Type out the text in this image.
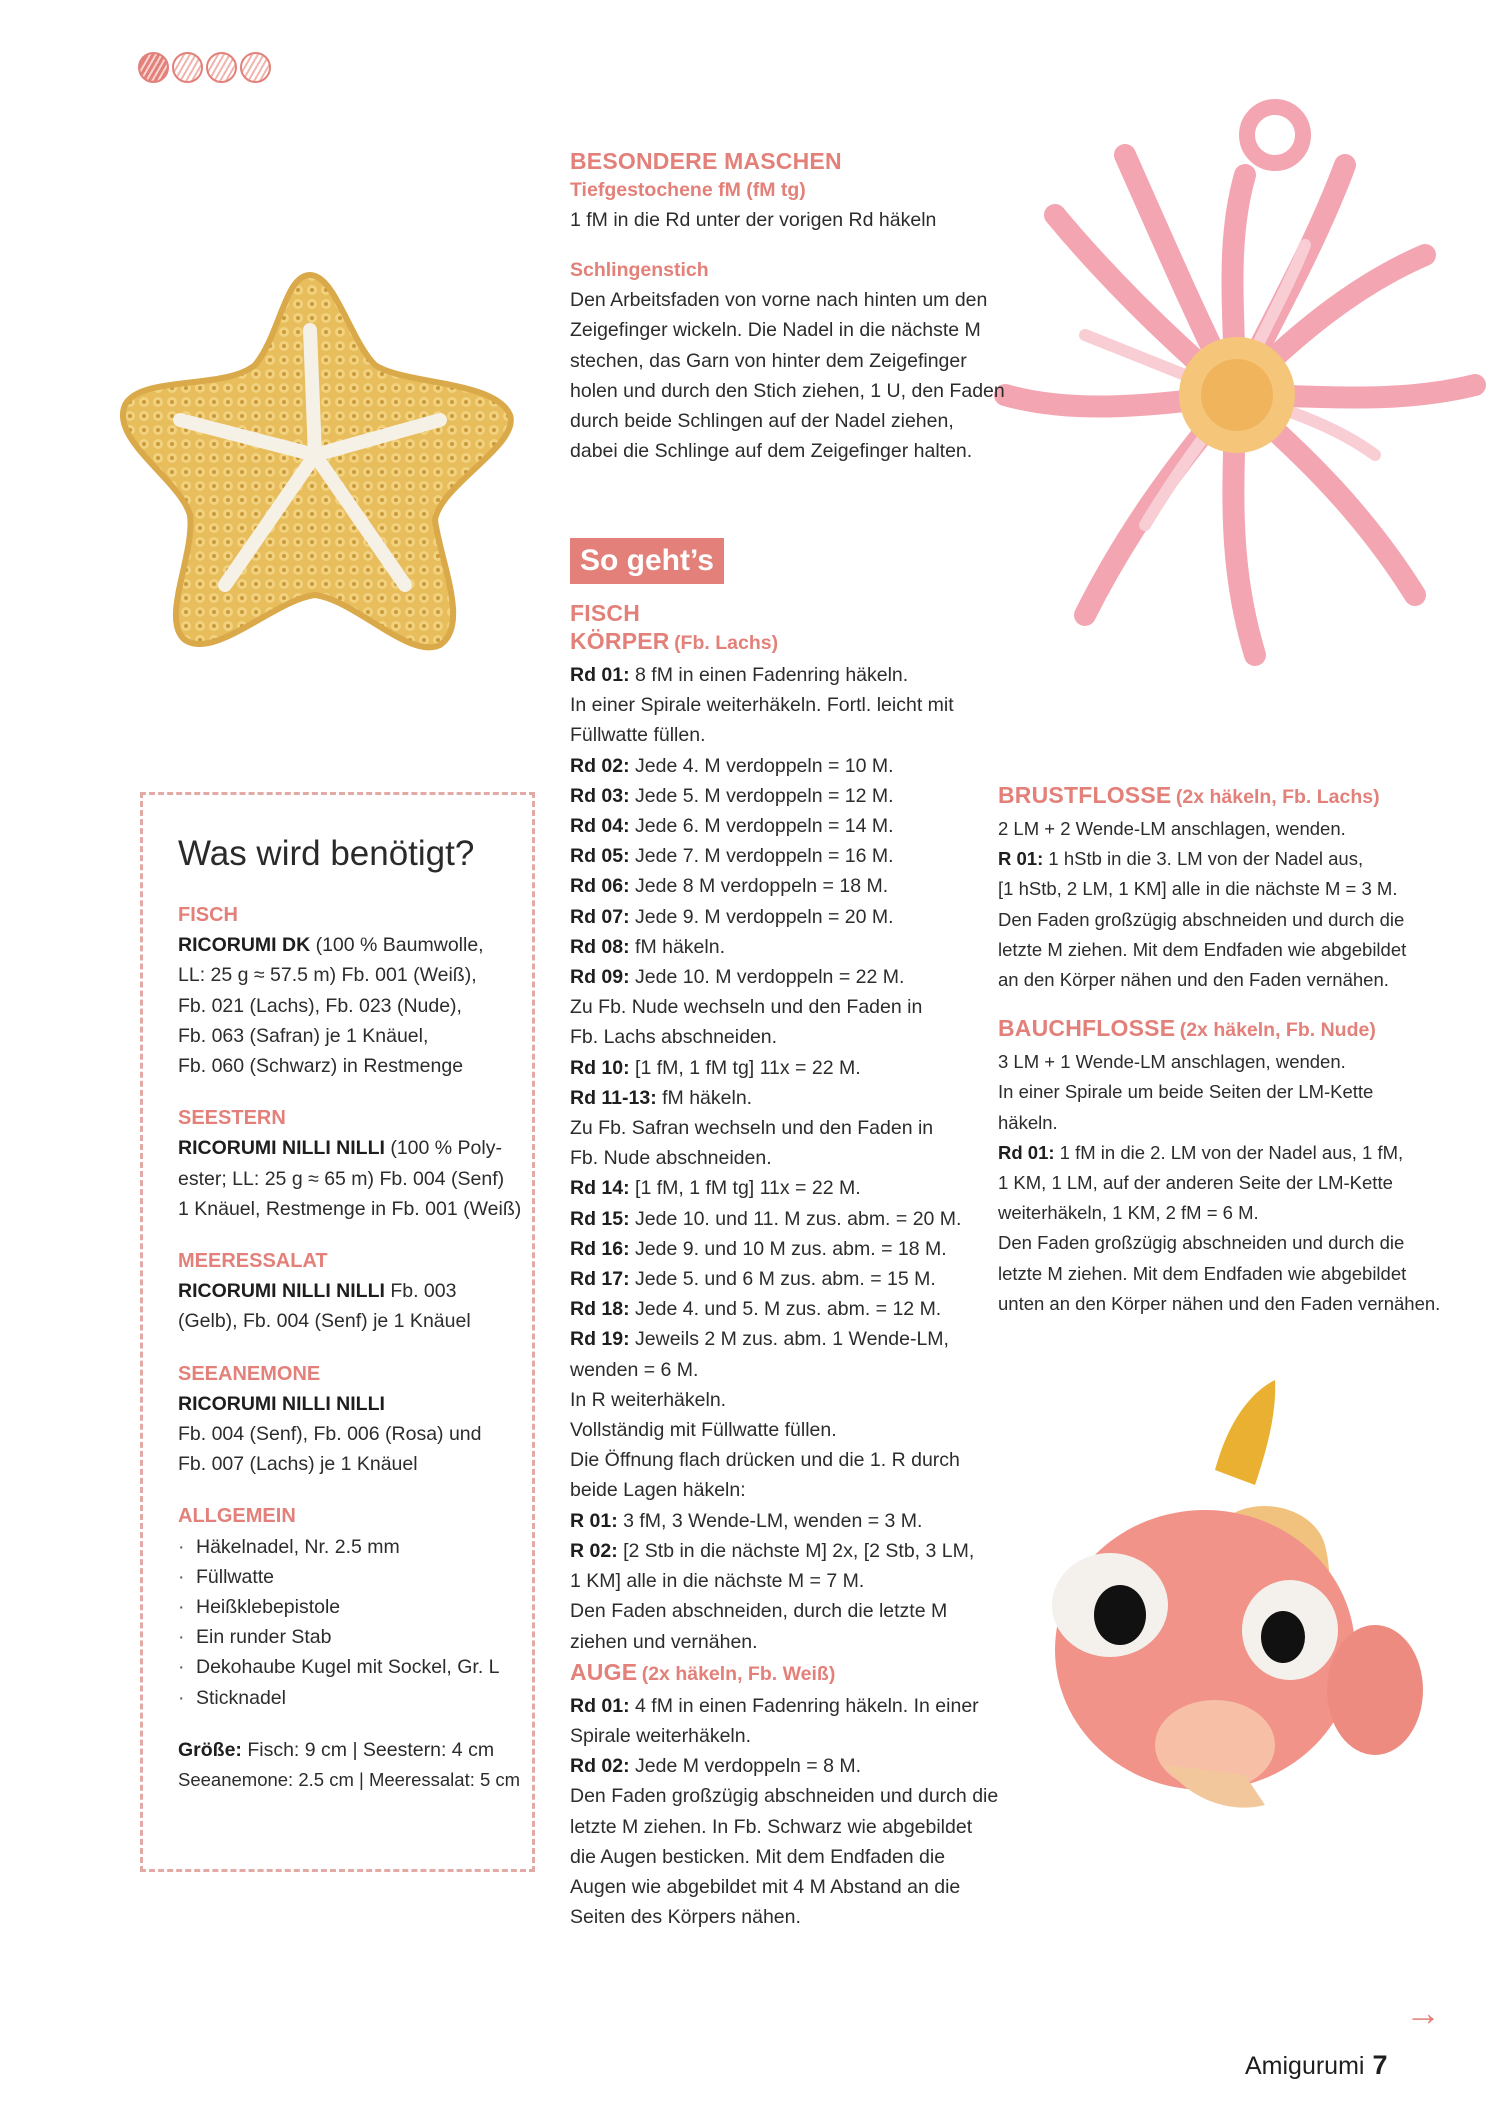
BESONDERE MASCHEN
Tiefgestochene fM (fM tg)
1 fM in die Rd unter der vorigen Rd häkeln
Schlingenstich
Den Arbeitsfaden von vorne nach hinten um den
Zeigefinger wickeln. Die Nadel in die nächste M
stechen, das Garn von hinter dem Zeigefinger
holen und durch den Stich ziehen, 1 U, den Faden
durch beide Schlingen auf der Nadel ziehen,
dabei die Schlinge auf dem Zeigefinger halten.
So geht’s
FISCH
KÖRPER (Fb. Lachs)
Rd 01: 8 fM in einen Fadenring häkeln.
In einer Spirale weiterhäkeln. Fortl. leicht mit
Füllwatte füllen.
Rd 02: Jede 4. M verdoppeln = 10 M.
Rd 03: Jede 5. M verdoppeln = 12 M.
Rd 04: Jede 6. M verdoppeln = 14 M.
Rd 05: Jede 7. M verdoppeln = 16 M.
Rd 06: Jede 8 M verdoppeln = 18 M.
Rd 07: Jede 9. M verdoppeln = 20 M.
Rd 08: fM häkeln.
Rd 09: Jede 10. M verdoppeln = 22 M.
Zu Fb. Nude wechseln und den Faden in
Fb. Lachs abschneiden.
Rd 10: [1 fM, 1 fM tg] 11x = 22 M.
Rd 11-13: fM häkeln.
Zu Fb. Safran wechseln und den Faden in
Fb. Nude abschneiden.
Rd 14: [1 fM, 1 fM tg] 11x = 22 M.
Rd 15: Jede 10. und 11. M zus. abm. = 20 M.
Rd 16: Jede 9. und 10 M zus. abm. = 18 M.
Rd 17: Jede 5. und 6 M zus. abm. = 15 M.
Rd 18: Jede 4. und 5. M zus. abm. = 12 M.
Rd 19: Jeweils 2 M zus. abm. 1 Wende-LM,
wenden = 6 M.
In R weiterhäkeln.
Vollständig mit Füllwatte füllen.
Die Öffnung flach drücken und die 1. R durch
beide Lagen häkeln:
R 01: 3 fM, 3 Wende-LM, wenden = 3 M.
R 02: [2 Stb in die nächste M] 2x, [2 Stb, 3 LM,
1 KM] alle in die nächste M = 7 M.
Den Faden abschneiden, durch die letzte M
ziehen und vernähen.
AUGE (2x häkeln, Fb. Weiß)
Rd 01: 4 fM in einen Fadenring häkeln. In einer
Spirale weiterhäkeln.
Rd 02: Jede M verdoppeln = 8 M.
Den Faden großzügig abschneiden und durch die
letzte M ziehen. In Fb. Schwarz wie abgebildet
die Augen besticken. Mit dem Endfaden die
Augen wie abgebildet mit 4 M Abstand an die
Seiten des Körpers nähen.
BRUSTFLOSSE (2x häkeln, Fb. Lachs)
2 LM + 2 Wende-LM anschlagen, wenden.
R 01: 1 hStb in die 3. LM von der Nadel aus,
[1 hStb, 2 LM, 1 KM] alle in die nächste M = 3 M.
Den Faden großzügig abschneiden und durch die
letzte M ziehen. Mit dem Endfaden wie abgebildet
an den Körper nähen und den Faden vernähen.
BAUCHFLOSSE (2x häkeln, Fb. Nude)
3 LM + 1 Wende-LM anschlagen, wenden.
In einer Spirale um beide Seiten der LM-Kette
häkeln.
Rd 01: 1 fM in die 2. LM von der Nadel aus, 1 fM,
1 KM, 1 LM, auf der anderen Seite der LM-Kette
weiterhäkeln, 1 KM, 2 fM = 6 M.
Den Faden großzügig abschneiden und durch die
letzte M ziehen. Mit dem Endfaden wie abgebildet
unten an den Körper nähen und den Faden vernähen.
Was wird benötigt?
FISCH
RICORUMI DK (100 % Baumwolle,
LL: 25 g ≈ 57.5 m) Fb. 001 (Weiß),
Fb. 021 (Lachs), Fb. 023 (Nude),
Fb. 063 (Safran) je 1 Knäuel,
Fb. 060 (Schwarz) in Restmenge
SEESTERN
RICORUMI NILLI NILLI (100 % Poly-
ester; LL: 25 g ≈ 65 m) Fb. 004 (Senf)
1 Knäuel, Restmenge in Fb. 001 (Weiß)
MEERESSALAT
RICORUMI NILLI NILLI Fb. 003
(Gelb), Fb. 004 (Senf) je 1 Knäuel
SEEANEMONE
RICORUMI NILLI NILLI
Fb. 004 (Senf), Fb. 006 (Rosa) und
Fb. 007 (Lachs) je 1 Knäuel
ALLGEMEIN
· Häkelnadel, Nr. 2.5 mm
· Füllwatte
· Heißklebepistole
· Ein runder Stab
· Dekohaube Kugel mit Sockel, Gr. L
· Sticknadel
Größe: Fisch: 9 cm | Seestern: 4 cm
Seeanemone: 2.5 cm | Meeressalat: 5 cm
→
Amigurumi 7
